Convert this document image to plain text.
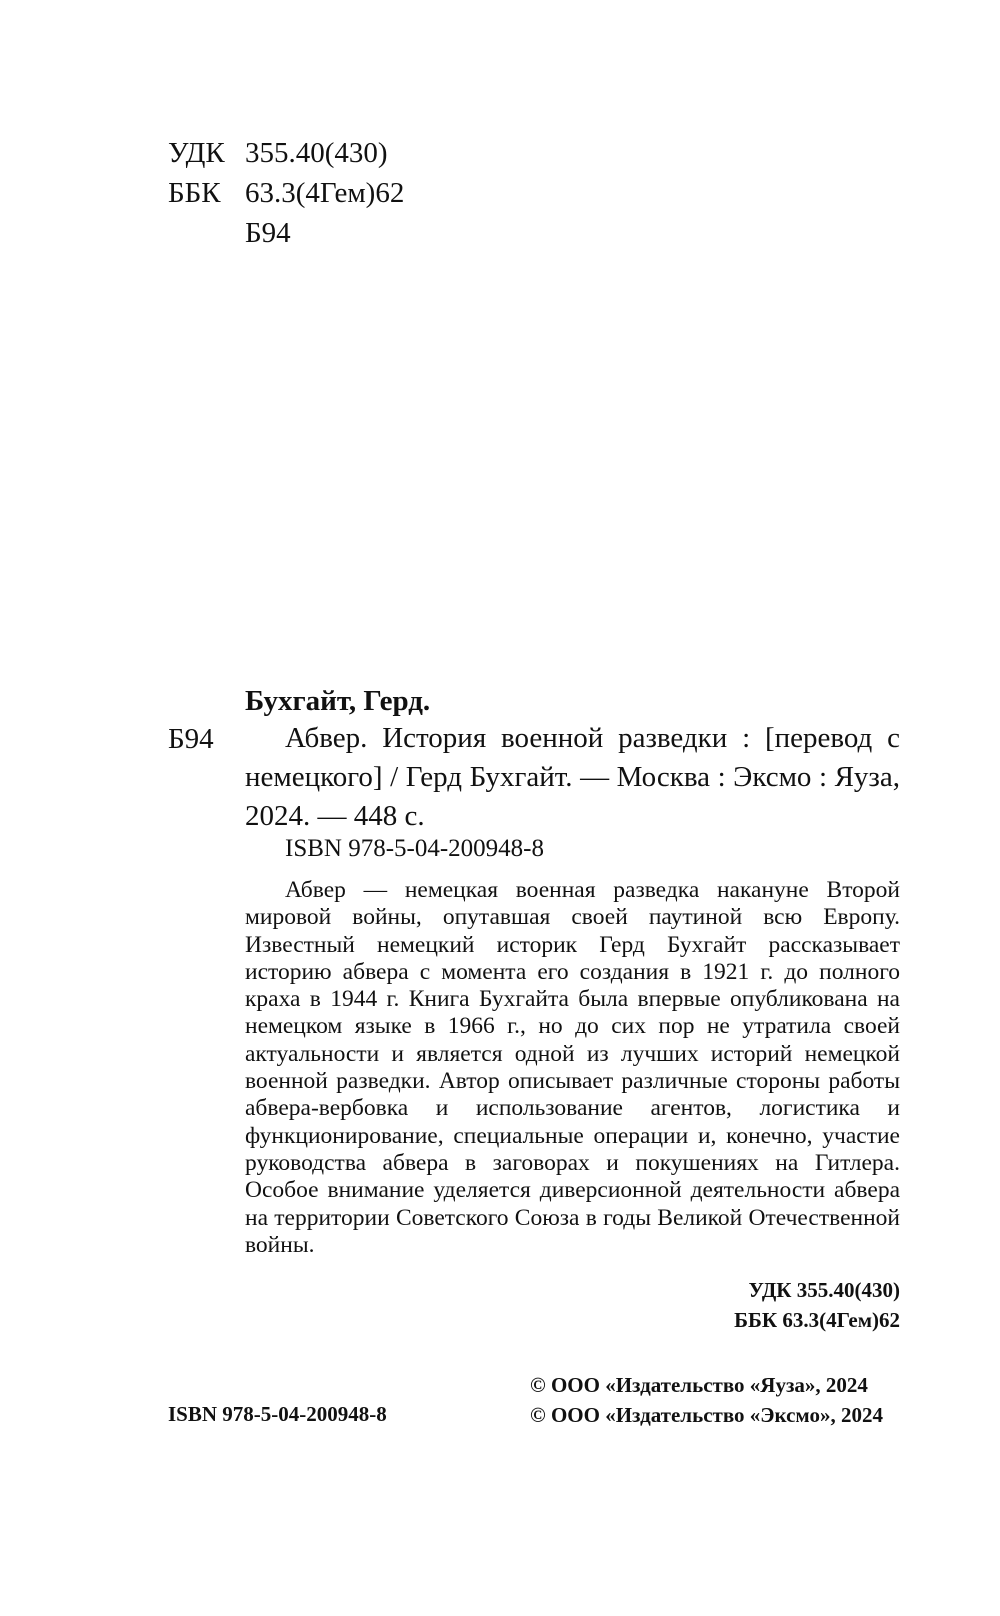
УДК 355.40(430)
ББК 63.3(4Гем)62
Б94
Бухгайт, Герд.
Б94	Абвер. История военной разведки : [перевод с немецкого] / Герд Бухгайт. — Москва : Эксмо : Яуза, 2024. — 448 с.

ISBN 978-5-04-200948-8

Абвер — немецкая военная разведка накануне Второй мировой войны, опутавшая своей паутиной всю Европу. Известный немецкий историк Герд Бухгайт рассказывает историю абвера с момента его создания в 1921 г. до полного краха в 1944 г. Книга Бухгайта была впервые опубликована на немецком языке в 1966 г., но до сих пор не утратила своей актуальности и является одной из лучших историй немецкой военной разведки. Автор описывает различные стороны работы абвера-вербовка и использование агентов, логистика и функционирование, специальные операции и, конечно, участие руководства абвера в заговорах и покушениях на Гитлера. Особое внимание уделяется диверсионной деятельности абвера на территории Советского Союза в годы Великой Отечественной войны.

УДК 355.40(430)
ББК 63.3(4Гем)62
ISBN 978-5-04-200948-8
© ООО «Издательство «Яуза», 2024
© ООО «Издательство «Эксмо», 2024
